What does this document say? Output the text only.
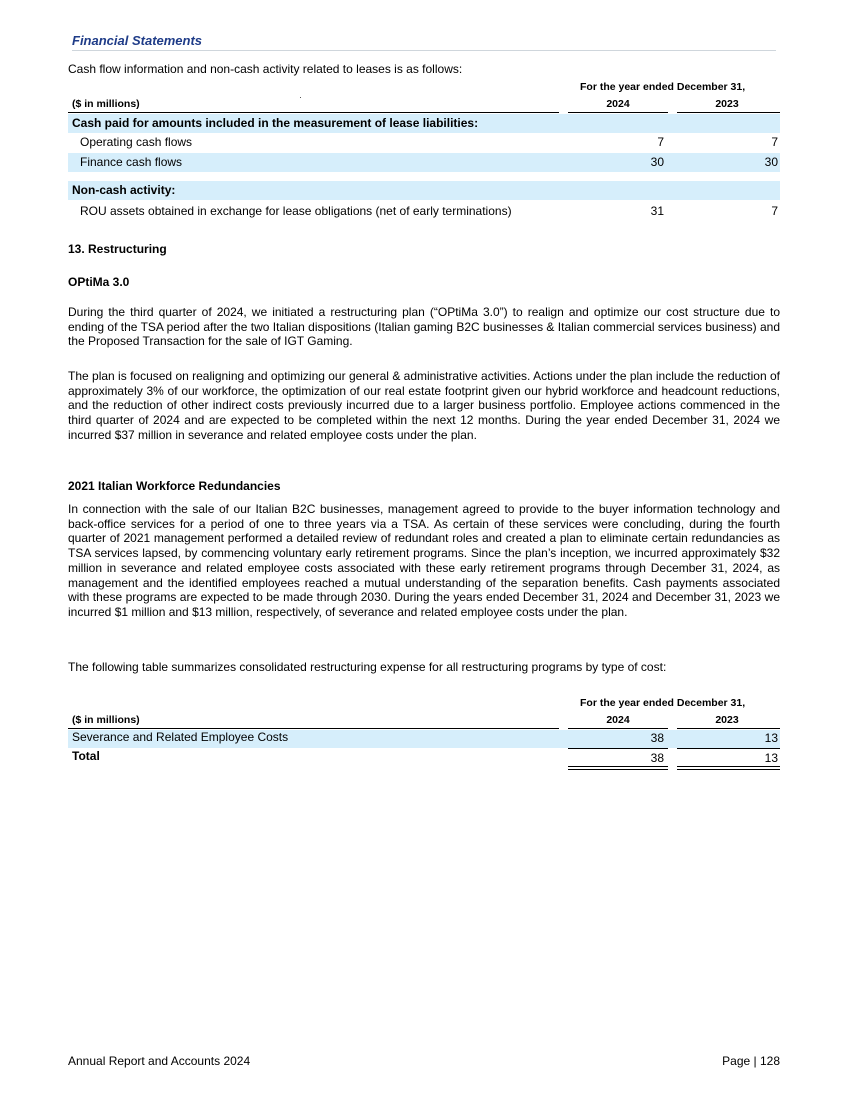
Financial Statements
Cash flow information and non-cash activity related to leases is as follows:
For the year ended December 31,
($ in millions)	2024	2023
Cash paid for amounts included in the measurement of lease liabilities:
Operating cash flows	7	7
Finance cash flows	30	30
Non-cash activity:
ROU assets obtained in exchange for lease obligations (net of early terminations)	31	7
13. Restructuring
OPtiMa 3.0
During the third quarter of 2024, we initiated a restructuring plan (“OPtiMa 3.0”) to realign and optimize our cost structure due to ending of the TSA period after the two Italian dispositions (Italian gaming B2C businesses & Italian commercial services business) and the Proposed Transaction for the sale of IGT Gaming.
The plan is focused on realigning and optimizing our general & administrative activities. Actions under the plan include the reduction of approximately 3% of our workforce, the optimization of our real estate footprint given our hybrid workforce and headcount reductions, and the reduction of other indirect costs previously incurred due to a larger business portfolio. Employee actions commenced in the third quarter of 2024 and are expected to be completed within the next 12 months. During the year ended December 31, 2024 we incurred $37 million in severance and related employee costs under the plan.
2021 Italian Workforce Redundancies
In connection with the sale of our Italian B2C businesses, management agreed to provide to the buyer information technology and back-office services for a period of one to three years via a TSA. As certain of these services were concluding, during the fourth quarter of 2021 management performed a detailed review of redundant roles and created a plan to eliminate certain redundancies as TSA services lapsed, by commencing voluntary early retirement programs. Since the plan’s inception, we incurred approximately $32 million in severance and related employee costs associated with these early retirement programs through December 31, 2024, as management and the identified employees reached a mutual understanding of the separation benefits. Cash payments associated with these programs are expected to be made through 2030. During the years ended December 31, 2024 and December 31, 2023 we incurred $1 million and $13 million, respectively, of severance and related employee costs under the plan.
The following table summarizes consolidated restructuring expense for all restructuring programs by type of cost:
For the year ended December 31,
($ in millions)	2024	2023
Severance and Related Employee Costs	38	13
Total	38	13
Annual Report and Accounts 2024	Page | 128
